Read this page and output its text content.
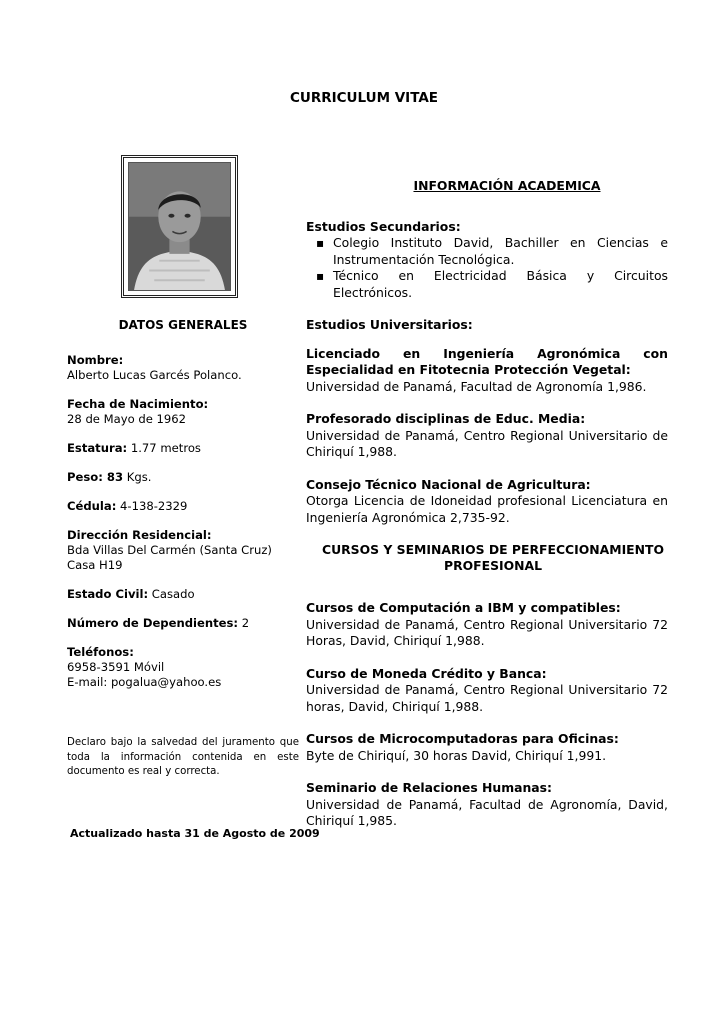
CURRICULUM VITAE
DATOS GENERALES
Nombre:
Alberto Lucas Garcés Polanco.
Fecha de Nacimiento:
28 de Mayo de 1962
Estatura: 1.77 metros
Peso: 83 Kgs.
Cédula: 4-138-2329
Dirección Residencial:
Bda Villas Del Carmén (Santa Cruz)
Casa H19
Estado Civil: Casado
Número de Dependientes: 2
Teléfonos:
6958-3591 Móvil
E-mail: pogalua@yahoo.es
Declaro bajo la salvedad del juramento que toda la información contenida en este documento es real y correcta.
Actualizado hasta 31 de Agosto de 2009
INFORMACIÓN ACADEMICA
Estudios Secundarios:
▪ Colegio Instituto David, Bachiller en Ciencias e Instrumentación Tecnológica.
▪ Técnico en Electricidad Básica y Circuitos Electrónicos.
Estudios Universitarios:
Licenciado en Ingeniería Agronómica con Especialidad en Fitotecnia Protección Vegetal:
Universidad de Panamá, Facultad de Agronomía 1,986.
Profesorado disciplinas de Educ. Media:
Universidad de Panamá, Centro Regional Universitario de Chiriquí 1,988.
Consejo Técnico Nacional de Agricultura:
Otorga Licencia de Idoneidad profesional Licenciatura en Ingeniería Agronómica 2,735-92.
CURSOS Y SEMINARIOS DE PERFECCIONAMIENTO PROFESIONAL
Cursos de Computación a IBM y compatibles:
Universidad de Panamá, Centro Regional Universitario 72 Horas, David, Chiriquí 1,988.
Curso de Moneda Crédito y Banca:
Universidad de Panamá, Centro Regional Universitario 72 horas, David, Chiriquí 1,988.
Cursos de Microcomputadoras para Oficinas:
Byte de Chiriquí, 30 horas David, Chiriquí 1,991.
Seminario de Relaciones Humanas:
Universidad de Panamá, Facultad de Agronomía, David, Chiriquí 1,985.
